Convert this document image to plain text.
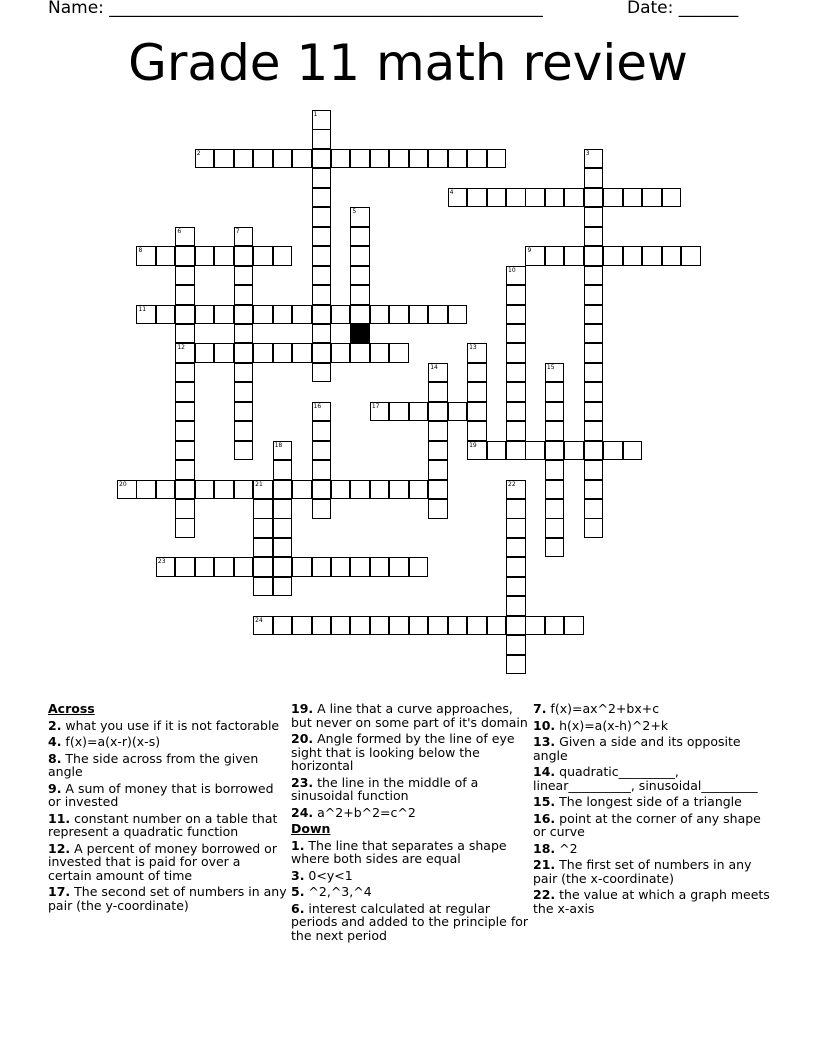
Name: ___________________________________________________	Date: _______
Grade 11 math review
1
2	3
4
5
6
12
7
8	9
10
11
13
19
14	15
16	17
18
20	21	22
23
24
Across
2. what you use if it is not factorable
4. f(x)=a(x-r)(x-s)
8. The side across from the given angle
9. A sum of money that is borrowed or invested
11. constant number on a table that represent a quadratic function
12. A percent of money borrowed or invested that is paid for over a certain amount of time
17. The second set of numbers in any pair (the y-coordinate)
19. A line that a curve approaches, but never on some part of it's domain
20. Angle formed by the line of eye sight that is looking below the horizontal
23. the line in the middle of a sinusoidal function
24. a^2+b^2=c^2
Down
1. The line that separates a shape where both sides are equal
3. 0<y<1
5. ^2,^3,^4
6. interest calculated at regular periods and added to the principle for the next period
7. f(x)=ax^2+bx+c
10. h(x)=a(x-h)^2+k
13. Given a side and its opposite angle
14. quadratic_________, linear__________, sinusoidal_________
15. The longest side of a triangle
16. point at the corner of any shape or curve
18. ^2
21. The first set of numbers in any pair (the x-coordinate)
22. the value at which a graph meets the x-axis
